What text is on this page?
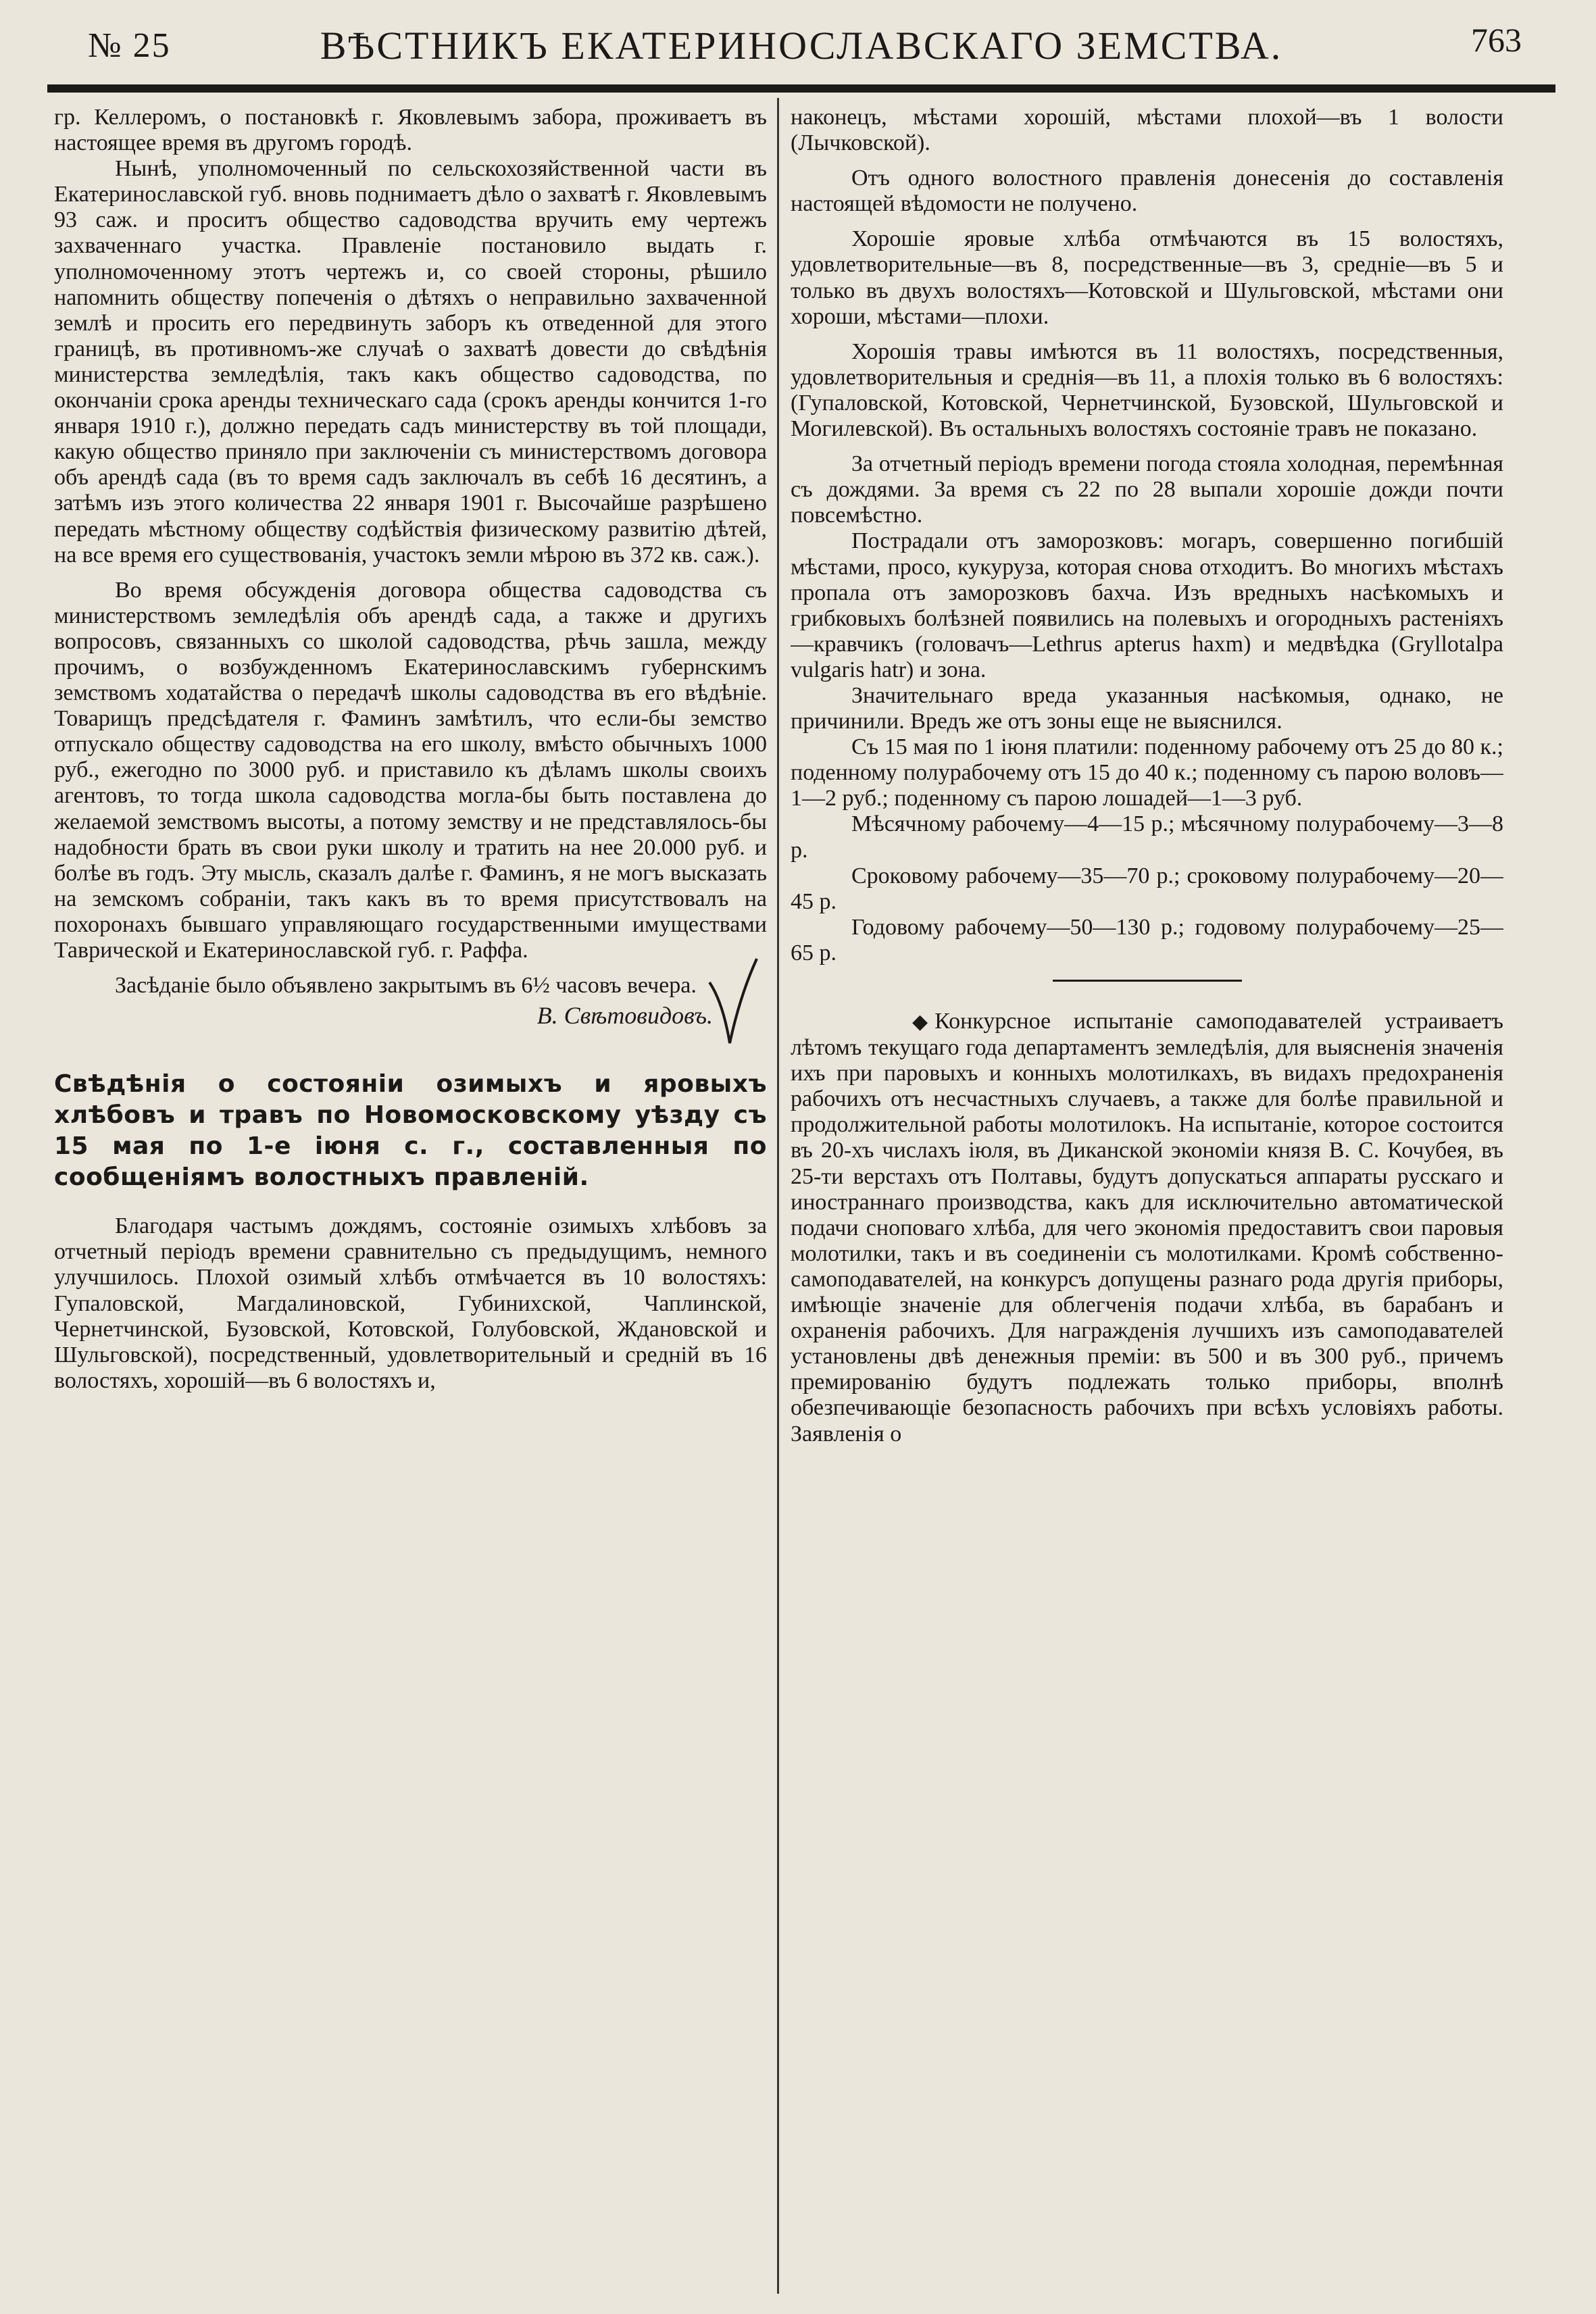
№ 25	ВѢСТНИКЪ ЕКАТЕРИНОСЛАВСКАГО ЗЕМСТВА.	763

гр. Келлеромъ, о постановкѣ г. Яковлевымъ забора, проживаетъ въ настоящее время въ другомъ городѣ.

Нынѣ, уполномоченный по сельскохозяйственной части въ Екатеринославской губ. вновь поднимаетъ дѣло о захватѣ г. Яковлевымъ 93 саж. и проситъ общество садоводства вручить ему чертежъ захваченнаго участка. Правленіе постановило выдать г. уполномоченному этотъ чертежъ и, со своей стороны, рѣшило напомнить обществу попеченія о дѣтяхъ о неправильно захваченной землѣ и просить его передвинуть заборъ къ отведенной для этого границѣ, въ противномъ-же случаѣ о захватѣ довести до свѣдѣнія министерства земледѣлія, такъ какъ общество садоводства, по окончаніи срока аренды техническаго сада (срокъ аренды кончится 1-го января 1910 г.), должно передать садъ министерству въ той площади, какую общество приняло при заключеніи съ министерствомъ договора объ арендѣ сада (въ то время садъ заключалъ въ себѣ 16 десятинъ, а затѣмъ изъ этого количества 22 января 1901 г. Высочайше разрѣшено передать мѣстному обществу содѣйствія физическому развитію дѣтей, на все время его существованія, участокъ земли мѣрою въ 372 кв. саж.).

Во время обсужденія договора общества садоводства съ министерствомъ земледѣлія объ арендѣ сада, а также и другихъ вопросовъ, связанныхъ со школой садоводства, рѣчь зашла, между прочимъ, о возбужденномъ Екатеринославскимъ губернскимъ земствомъ ходатайства о передачѣ школы садоводства въ его вѣдѣніе. Товарищъ предсѣдателя г. Фаминъ замѣтилъ, что если-бы земство отпускало обществу садоводства на его школу, вмѣсто обычныхъ 1000 руб., ежегодно по 3000 руб. и приставило къ дѣламъ школы своихъ агентовъ, то тогда школа садоводства могла-бы быть поставлена до желаемой земствомъ высоты, а потому земству и не представлялось-бы надобности брать въ свои руки школу и тратить на нее 20.000 руб. и болѣе въ годъ. Эту мысль, сказалъ далѣе г. Фаминъ, я не могъ высказать на земскомъ собраніи, такъ какъ въ то время присутствовалъ на похоронахъ бывшаго управляющаго государственными имуществами Таврической и Екатеринославской губ. г. Раффа.

Засѣданіе было объявлено закрытымъ въ 6½ часовъ вечера.

В. Свѣтовидовъ.
Свѣдѣнія о состояніи озимыхъ и яровыхъ хлѣбовъ и травъ по Новомосковскому уѣзду съ 15 мая по 1-е іюня с. г., составленныя по сообщеніямъ волостныхъ правленій.

Благодаря частымъ дождямъ, состояніе озимыхъ хлѣбовъ за отчетный періодъ времени сравнительно съ предыдущимъ, немного улучшилось. Плохой озимый хлѣбъ отмѣчается въ 10 волостяхъ: Гупаловской, Магдалиновской, Губиниxской, Чаплинской, Чернетчинской, Бузовской, Котовской, Голубовской, Ждановской и Шульговской), посредственный, удовлетворительный и средній въ 16 волостяхъ, хорошій—въ 6 волостяхъ и,

наконецъ, мѣстами хорошій, мѣстами плохой—въ 1 волости (Лычковской).

Отъ одного волостного правленія донесенія до составленія настоящей вѣдомости не получено.

Хорошіе яровые хлѣба отмѣчаются въ 15 волостяхъ, удовлетворительные—въ 8, посредственные—въ 3, средніе—въ 5 и только въ двухъ волостяхъ—Котовской и Шульговской, мѣстами они хороши, мѣстами—плохи.

Хорошія травы имѣются въ 11 волостяхъ, посредственныя, удовлетворительныя и среднія—въ 11, а плохія только въ 6 волостяхъ: (Гупаловской, Котовской, Чернетчинской, Бузовской, Шульговской и Могилевской). Въ остальныхъ волостяхъ состояніе травъ не показано.

За отчетный періодъ времени погода стояла холодная, перемѣнная съ дождями. За время съ 22 по 28 выпали хорошіе дожди почти повсемѣстно.

Пострадали отъ заморозковъ: могаръ, совершенно погибшій мѣстами, просо, кукуруза, которая снова отходитъ. Во многихъ мѣстахъ пропала отъ заморозковъ бахча. Изъ вредныхъ насѣкомыхъ и грибковыхъ болѣзней появились на полевыхъ и огородныхъ растеніяхъ—кравчикъ (головачъ—Lethrus apterus haxm) и медвѣдка (Gryllotalpa vulgaris hatr) и зона.

Значительнаго вреда указанныя насѣкомыя, однако, не причинили. Вредъ же отъ зоны еще не выяснился.

Съ 15 мая по 1 іюня платили: поденному рабочему отъ 25 до 80 к.; поденному полурабочему отъ 15 до 40 к.; поденному съ парою воловъ—1—2 руб.; поденному съ парою лошадей—1—3 руб.

Мѣсячному рабочему—4—15 р.; мѣсячному полурабочему—3—8 р.

Сроковому рабочему—35—70 р.; сроковому полурабочему—20—45 р.

Годовому рабочему—50—130 р.; годовому полурабочему—25—65 р.

◆ Конкурсное испытаніе самоподавателей устраиваетъ лѣтомъ текущаго года департаментъ земледѣлія, для выясненія значенія ихъ при паровыхъ и конныхъ молотилкахъ, въ видахъ предохраненія рабочихъ отъ несчастныхъ случаевъ, а также для болѣе правильной и продолжительной работы молотилокъ. На испытаніе, которое состоится въ 20-хъ числахъ іюля, въ Диканской экономіи князя В. С. Кочубея, въ 25-ти верстахъ отъ Полтавы, будутъ допускаться аппараты русскаго и иностраннаго производства, какъ для исключительно автоматической подачи сноповаго хлѣба, для чего экономія предоставитъ свои паровыя молотилки, такъ и въ соединеніи съ молотилками. Кромѣ собственно-самоподавателей, на конкурсъ допущены разнаго рода другія приборы, имѣющіе значеніе для облегченія подачи хлѣба, въ барабанъ и охраненія рабочихъ. Для награжденія лучшихъ изъ самоподавателей установлены двѣ денежныя преміи: въ 500 и въ 300 руб., причемъ премированію будутъ подлежать только приборы, вполнѣ обезпечивающіе безопасность рабочихъ при всѣхъ условіяхъ работы. Заявленія о
